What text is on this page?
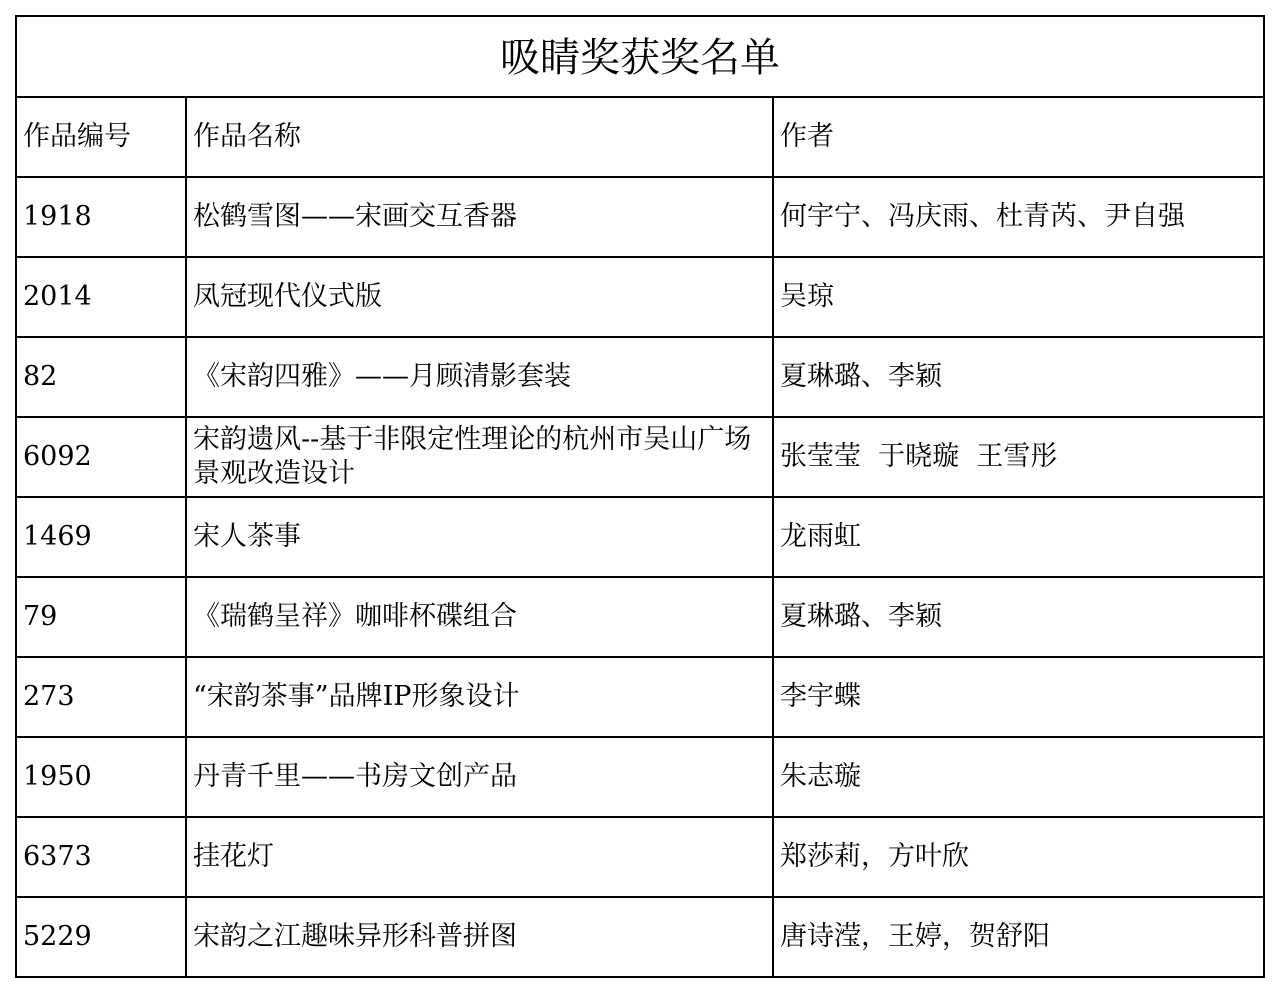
吸睛奖获奖名单		
作品编号	作品名称	作者
1918	松鹤雪图——宋画交互香器	何宇宁、冯庆雨、杜青芮、尹自强
2014	凤冠现代仪式版	吴琼
82	《宋韵四雅》——月顾清影套装	夏琳璐、李颖
6092	宋韵遗风--基于非限定性理论的杭州市吴山广场景观改造设计	张莹莹  于晓璇  王雪彤
1469	宋人茶事	龙雨虹
79	《瑞鹤呈祥》咖啡杯碟组合	夏琳璐、李颖
273	“宋韵茶事”品牌IP形象设计	李宇蝶
1950	丹青千里——书房文创产品	朱志璇
6373	挂花灯	郑莎莉，方叶欣
5229	宋韵之江趣味异形科普拼图	唐诗滢，王婷，贺舒阳
